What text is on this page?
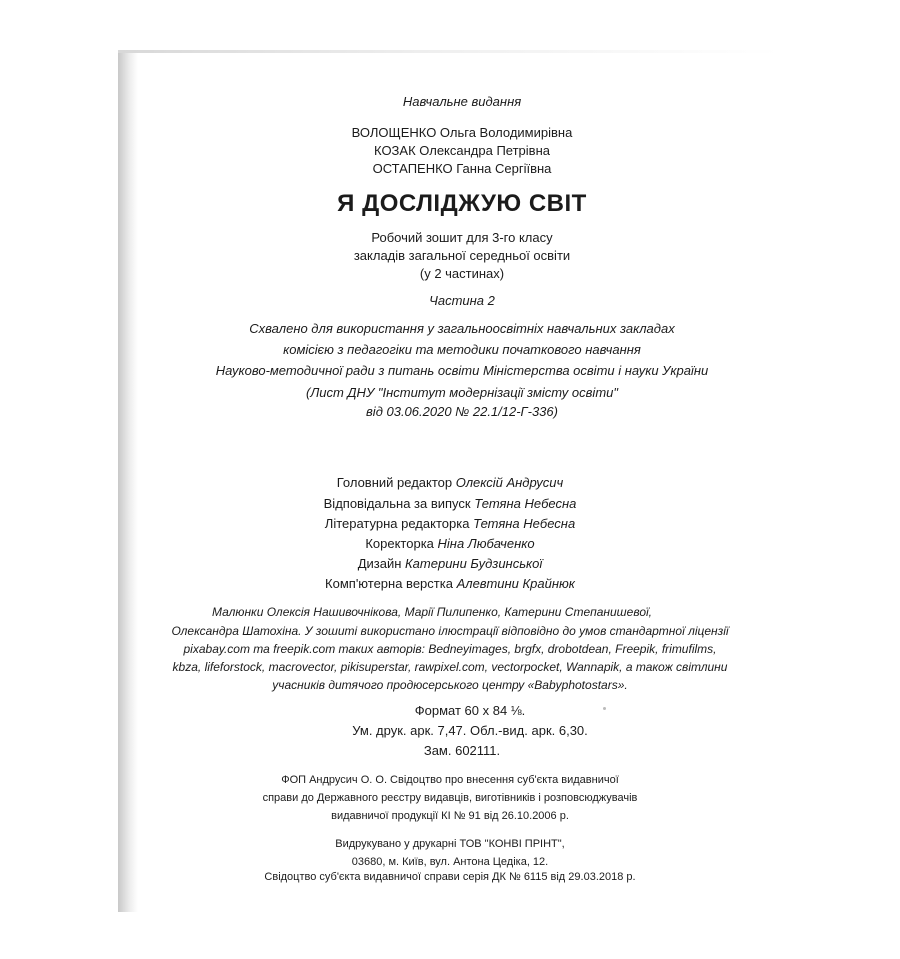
Навчальне видання
ВОЛОЩЕНКО Ольга Володимирівна
КОЗАК Олександра Петрівна
ОСТАПЕНКО Ганна Сергіївна
Я ДОСЛІДЖУЮ СВІТ
Робочий зошит для 3-го класу
закладів загальної середньої освіти
(у 2 частинах)
Частина 2
Схвалено для використання у загальноосвітніх навчальних закладах
комісією з педагогіки та методики початкового навчання
Науково-методичної ради з питань освіти Міністерства освіти і науки України
(Лист ДНУ "Інститут модернізації змісту освіти"
від 03.06.2020 № 22.1/12-Г-336)
Головний редактор Олексій Андрусич
Відповідальна за випуск Тетяна Небесна
Літературна редакторка Тетяна Небесна
Коректорка Ніна Любаченко
Дизайн Катерини Будзинської
Комп'ютерна верстка Алевтини Крайнюк
Малюнки Олексія Нашивочнікова, Марії Пилипенко, Катерини Степанишевої,
Олександра Шатохіна. У зошиті використано ілюстрації відповідно до умов стандартної ліцензії
pixabay.com та freepik.com таких авторів: Bedneyimages, brgfx, drobotdean, Freepik, frimufilms,
kbza, lifeforstock, macrovector, pikisuperstar, rawpixel.com, vectorpocket, Wannapik, а також світлини
учасників дитячого продюсерського центру «Babyphotostars».
Формат 60 х 84 ⅛.
Ум. друк. арк. 7,47. Обл.-вид. арк. 6,30.
Зам. 602111.
ФОП Андрусич О. О. Свідоцтво про внесення суб'єкта видавничої
справи до Державного реєстру видавців, виготівників і розповсюджувачів
видавничої продукції КІ № 91 від 26.10.2006 р.
Видрукувано у друкарні ТОВ "КОНВІ ПРІНТ",
03680, м. Київ, вул. Антона Цедіка, 12.
Свідоцтво суб'єкта видавничої справи серія ДК № 6115 від 29.03.2018 р.
